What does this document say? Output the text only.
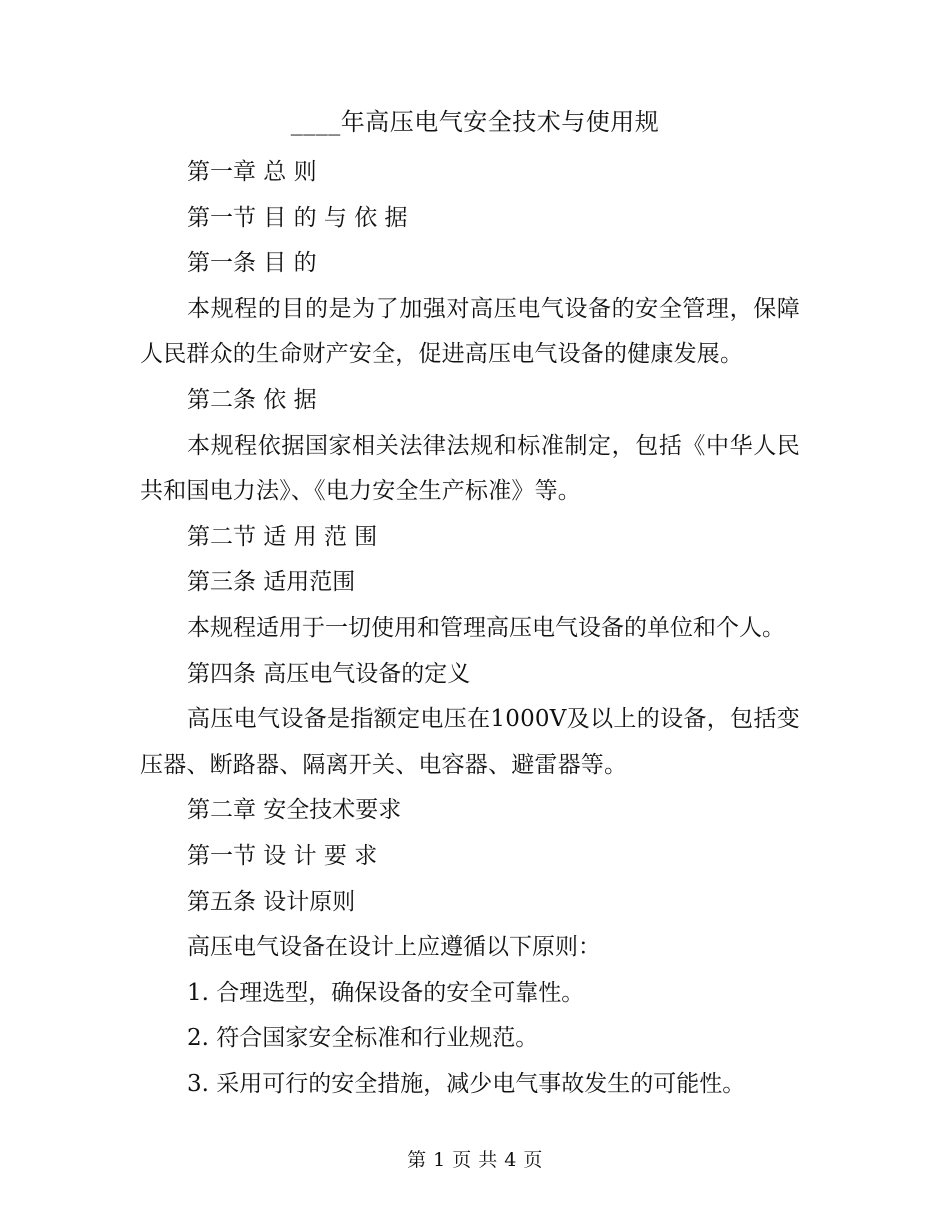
____年高压电气安全技术与使用规

第一章 总 则

第一节 目 的 与 依 据

第一条 目 的

本规程的目的是为了加强对高压电气设备的安全管理，保障人民群众的生命财产安全，促进高压电气设备的健康发展。

第二条 依 据

本规程依据国家相关法律法规和标准制定，包括《中华人民共和国电力法》、《电力安全生产标准》等。

第二节 适 用 范 围

第三条 适用范围

本规程适用于一切使用和管理高压电气设备的单位和个人。

第四条 高压电气设备的定义

高压电气设备是指额定电压在1000V及以上的设备，包括变压器、断路器、隔离开关、电容器、避雷器等。

第二章 安全技术要求

第一节 设 计 要 求

第五条 设计原则

高压电气设备在设计上应遵循以下原则：

1. 合理选型，确保设备的安全可靠性。

2. 符合国家安全标准和行业规范。

3. 采用可行的安全措施，减少电气事故发生的可能性。

第 1 页 共 4 页
